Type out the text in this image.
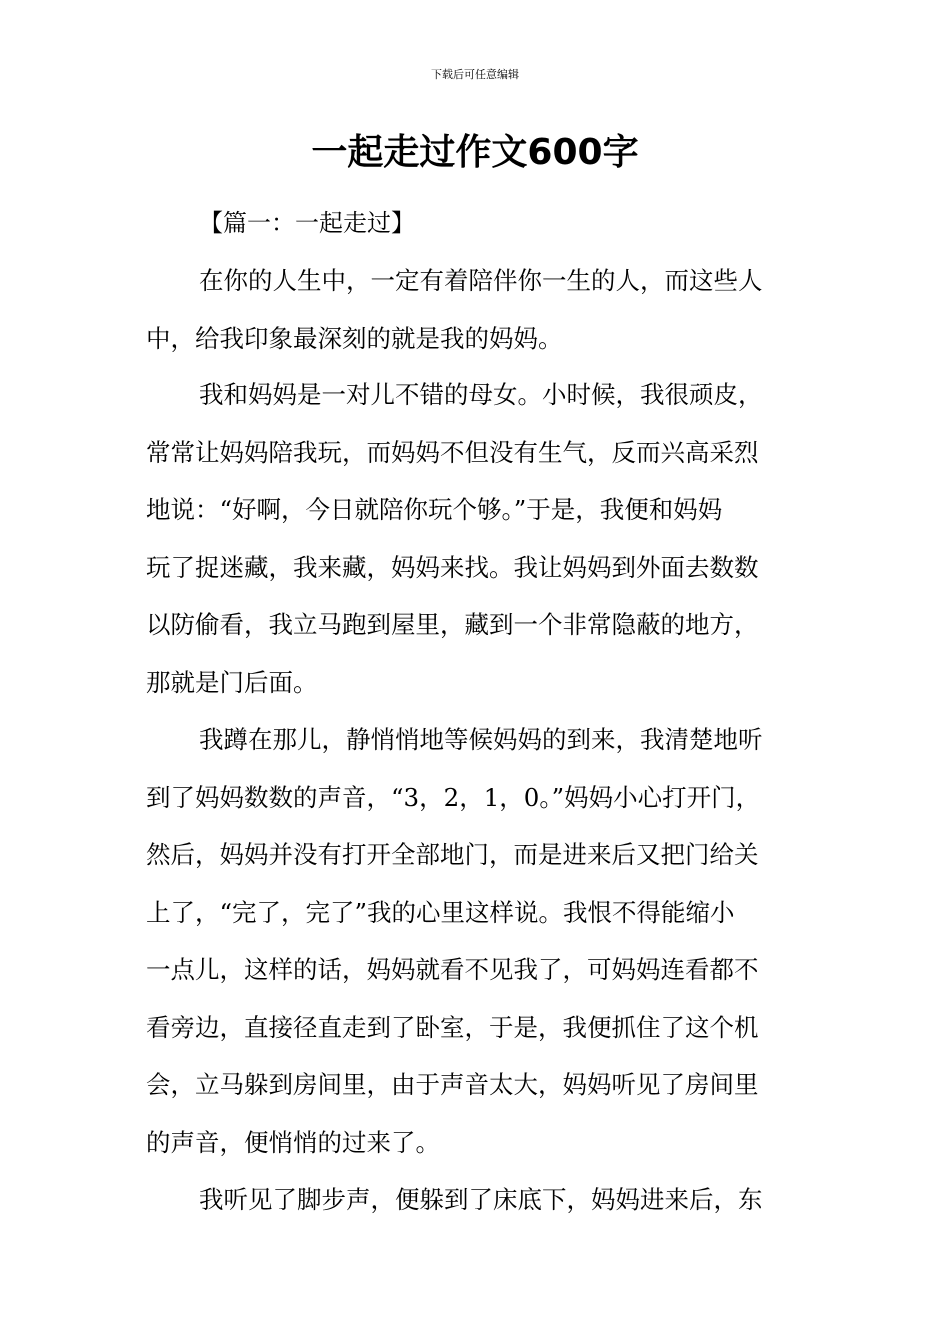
下载后可任意编辑
一起走过作文600字

【篇一：一起走过】

在你的人生中，一定有着陪伴你一生的人，而这些人
中，给我印象最深刻的就是我的妈妈。

我和妈妈是一对儿不错的母女。小时候，我很顽皮，
常常让妈妈陪我玩，而妈妈不但没有生气，反而兴高采烈
地说：“好啊，今日就陪你玩个够。”于是，我便和妈妈
玩了捉迷藏，我来藏，妈妈来找。我让妈妈到外面去数数
以防偷看，我立马跑到屋里，藏到一个非常隐蔽的地方，
那就是门后面。

我蹲在那儿，静悄悄地等候妈妈的到来，我清楚地听
到了妈妈数数的声音，“3，2，1，0。”妈妈小心打开门，
然后，妈妈并没有打开全部地门，而是进来后又把门给关
上了，“完了，完了”我的心里这样说。我恨不得能缩小
一点儿，这样的话，妈妈就看不见我了，可妈妈连看都不
看旁边，直接径直走到了卧室，于是，我便抓住了这个机
会，立马躲到房间里，由于声音太大，妈妈听见了房间里
的声音，便悄悄的过来了。

我听见了脚步声，便躲到了床底下，妈妈进来后，东
